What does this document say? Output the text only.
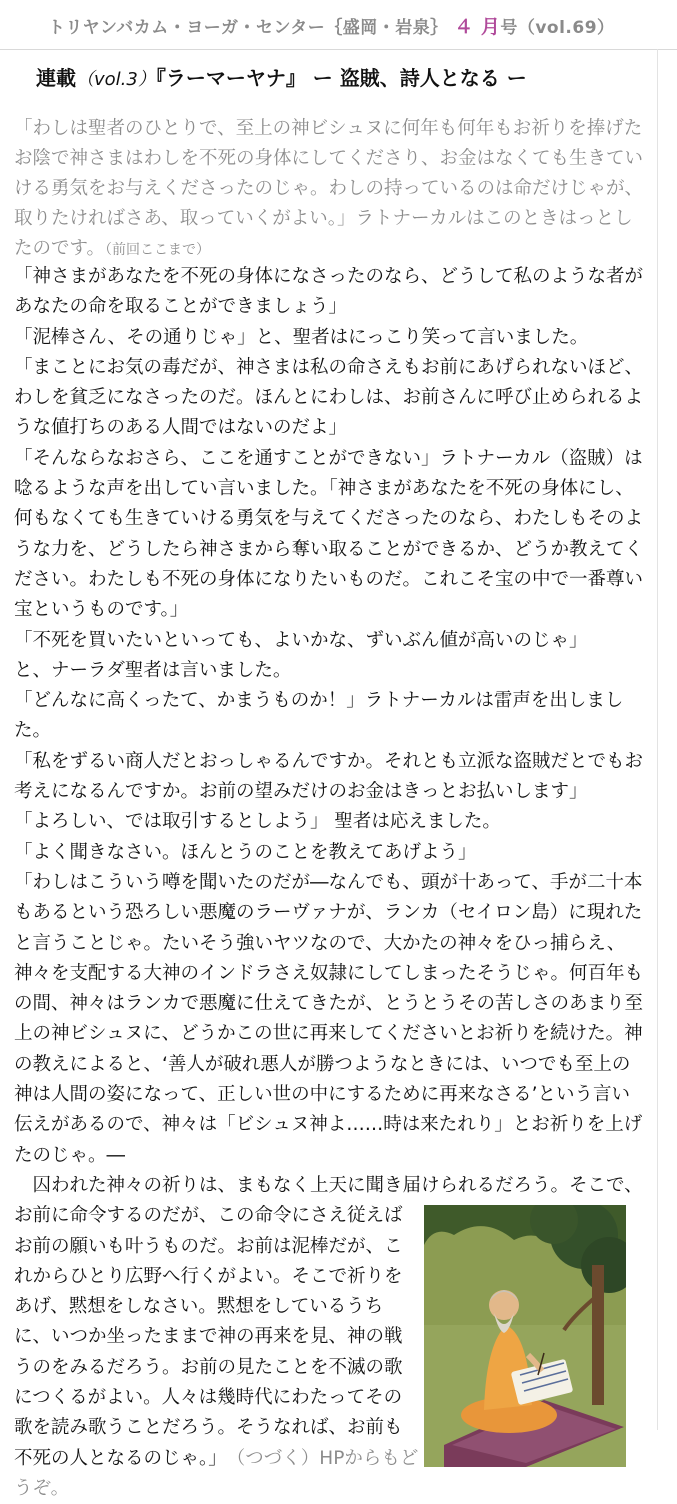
トリヤンバカム・ヨーガ・センター｛盛岡・岩泉｝ ４ 月号（vol.69）
連載（vol.3）『ラーマーヤナ』 ー 盗賊、詩人となる ー
「わしは聖者のひとりで、至上の神ビシュヌに何年も何年もお祈りを捧げたお陰で神さまはわしを不死の身体にしてくださり、お金はなくても生きていける勇気をお与えくださったのじゃ。わしの持っているのは命だけじゃが、取りたければさあ、取っていくがよい。」ラトナーカルはこのときはっとしたのです。（前回ここまで）

「神さまがあなたを不死の身体になさったのなら、どうして私のような者があなたの命を取ることができましょう」

「泥棒さん、その通りじゃ」と、聖者はにっこり笑って言いました。

「まことにお気の毒だが、神さまは私の命さえもお前にあげられないほど、わしを貧乏になさったのだ。ほんとにわしは、お前さんに呼び止められるような値打ちのある人間ではないのだよ」

「そんならなおさら、ここを通すことができない」ラトナーカル（盗賊）は唸るような声を出してい言いました。「神さまがあなたを不死の身体にし、何もなくても生きていける勇気を与えてくださったのなら、わたしもそのような力を、どうしたら神さまから奪い取ることができるか、どうか教えてください。わたしも不死の身体になりたいものだ。これこそ宝の中で一番尊い宝というものです。」

「不死を買いたいといっても、よいかな、ずいぶん値が高いのじゃ」

と、ナーラダ聖者は言いました。

「どんなに高くったて、かまうものか！」ラトナーカルは雷声を出しました。

「私をずるい商人だとおっしゃるんですか。それとも立派な盗賊だとでもお考えになるんですか。お前の望みだけのお金はきっとお払いします」

「よろしい、では取引するとしよう」 聖者は応えました。

「よく聞きなさい。ほんとうのことを教えてあげよう」

「わしはこういう噂を聞いたのだが―なんでも、頭が十あって、手が二十本もあるという恐ろしい悪魔のラーヴァナが、ランカ（セイロン島）に現れたと言うことじゃ。たいそう強いヤツなので、大かたの神々をひっ捕らえ、神々を支配する大神のインドラさえ奴隷にしてしまったそうじゃ。何百年もの間、神々はランカで悪魔に仕えてきたが、とうとうその苦しさのあまり至上の神ビシュヌに、どうかこの世に再来してくださいとお祈りを続けた。神の教えによると、‘善人が破れ悪人が勝つようなときには、いつでも至上の神は人間の姿になって、正しい世の中にするために再来なさる’という言い伝えがあるので、神々は「ビシュヌ神よ……時は来たれり」とお祈りを上げたのじゃ。―

　囚われた神々の祈りは、まもなく上天に聞き届けられるだろう。そこで、

お前に命令するのだが、この命令にさえ従えばお前の願いも叶うものだ。お前は泥棒だが、これからひとり広野へ行くがよい。そこで祈りをあげ、黙想をしなさい。黙想をしているうちに、いつか坐ったままで神の再来を見、神の戦うのをみるだろう。お前の見たことを不滅の歌につくるがよい。人々は幾時代にわたってその歌を読み歌うことだろう。そうなれば、お前も不死の人となるのじゃ。」　 （つづく）HPからもどうぞ。
